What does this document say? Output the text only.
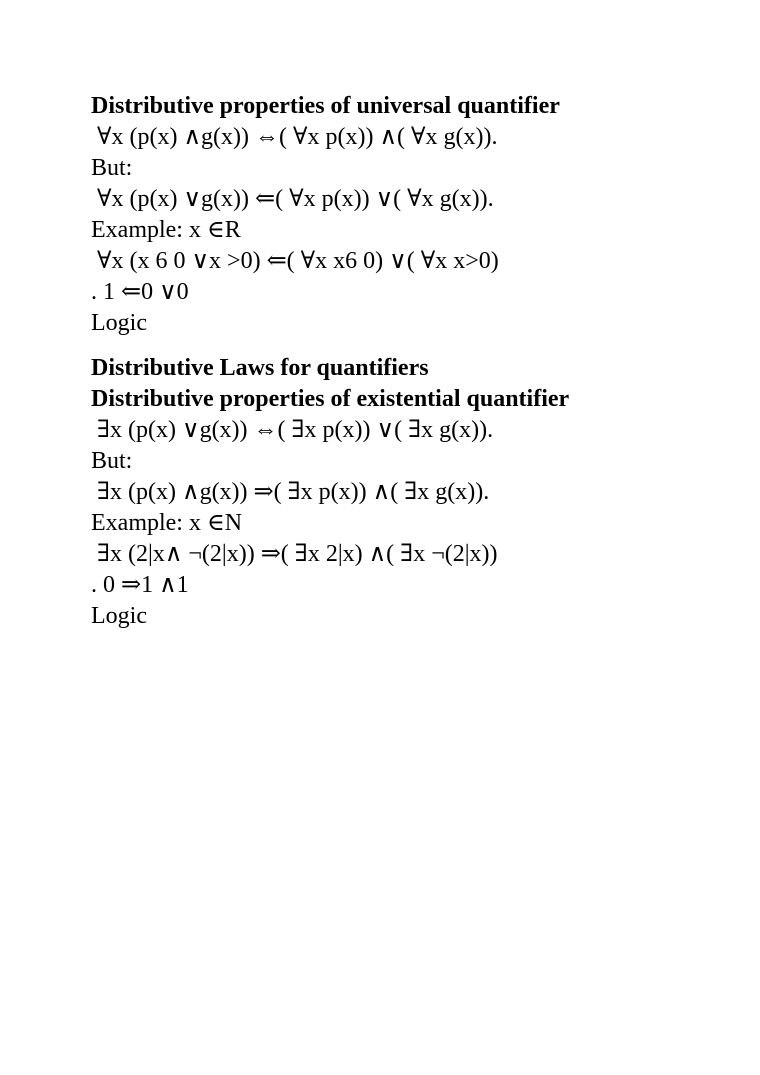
Distributive properties of universal quantifier
∀x (p(x) ∧g(x)) ⇔( ∀x p(x)) ∧( ∀x g(x)).
But:
∀x (p(x) ∨g(x)) ⇐( ∀x p(x)) ∨( ∀x g(x)).
Example: x ∈R
∀x (x 6 0 ∨x >0) ⇐( ∀x x6 0) ∨( ∀x x>0)
. 1 ⇐0 ∨0
Logic
Distributive Laws for quantifiers
Distributive properties of existential quantifier
∃x (p(x) ∨g(x)) ⇔( ∃x p(x)) ∨( ∃x g(x)).
But:
∃x (p(x) ∧g(x)) ⇒( ∃x p(x)) ∧( ∃x g(x)).
Example: x ∈N
∃x (2|x∧ ¬(2|x)) ⇒( ∃x 2|x) ∧( ∃x ¬(2|x))
. 0 ⇒1 ∧1
Logic
